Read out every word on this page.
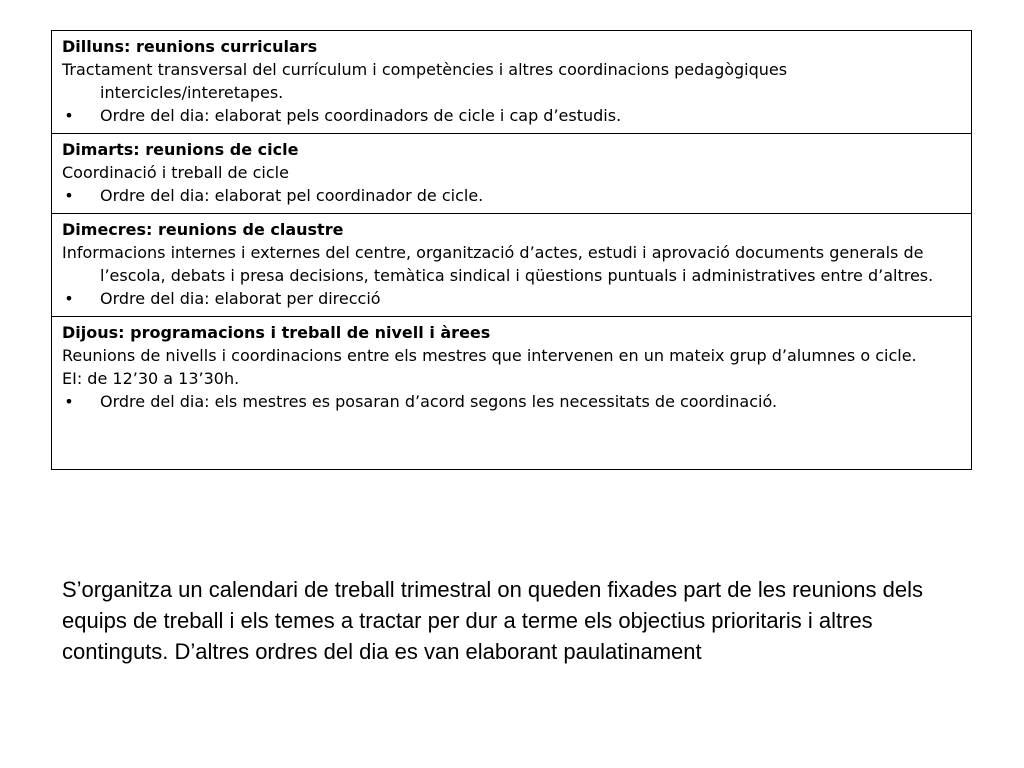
Dilluns: reunions curriculars
Tractament transversal del currículum i competències i altres coordinacions pedagògiques intercicles/interetapes.
• Ordre del dia: elaborat pels coordinadors de cicle i cap d’estudis.
Dimarts: reunions de cicle
Coordinació i treball de cicle
• Ordre del dia: elaborat pel coordinador de cicle.
Dimecres: reunions de claustre
Informacions internes i externes del centre, organització d’actes, estudi i aprovació documents generals de l’escola, debats i presa decisions, temàtica sindical i qüestions puntuals i administratives entre d’altres.
• Ordre del dia: elaborat per direcció
Dijous: programacions i treball de nivell i àrees
Reunions de nivells i coordinacions entre els mestres que intervenen en un mateix grup d’alumnes o cicle.
EI: de 12’30 a 13’30h.
• Ordre del dia: els mestres es posaran d’acord segons les necessitats de coordinació.
S’organitza un calendari de treball trimestral on queden fixades part de les reunions dels equips de treball i els temes a tractar per dur a terme els objectius prioritaris i altres continguts. D’altres ordres del dia es van elaborant paulatinament
